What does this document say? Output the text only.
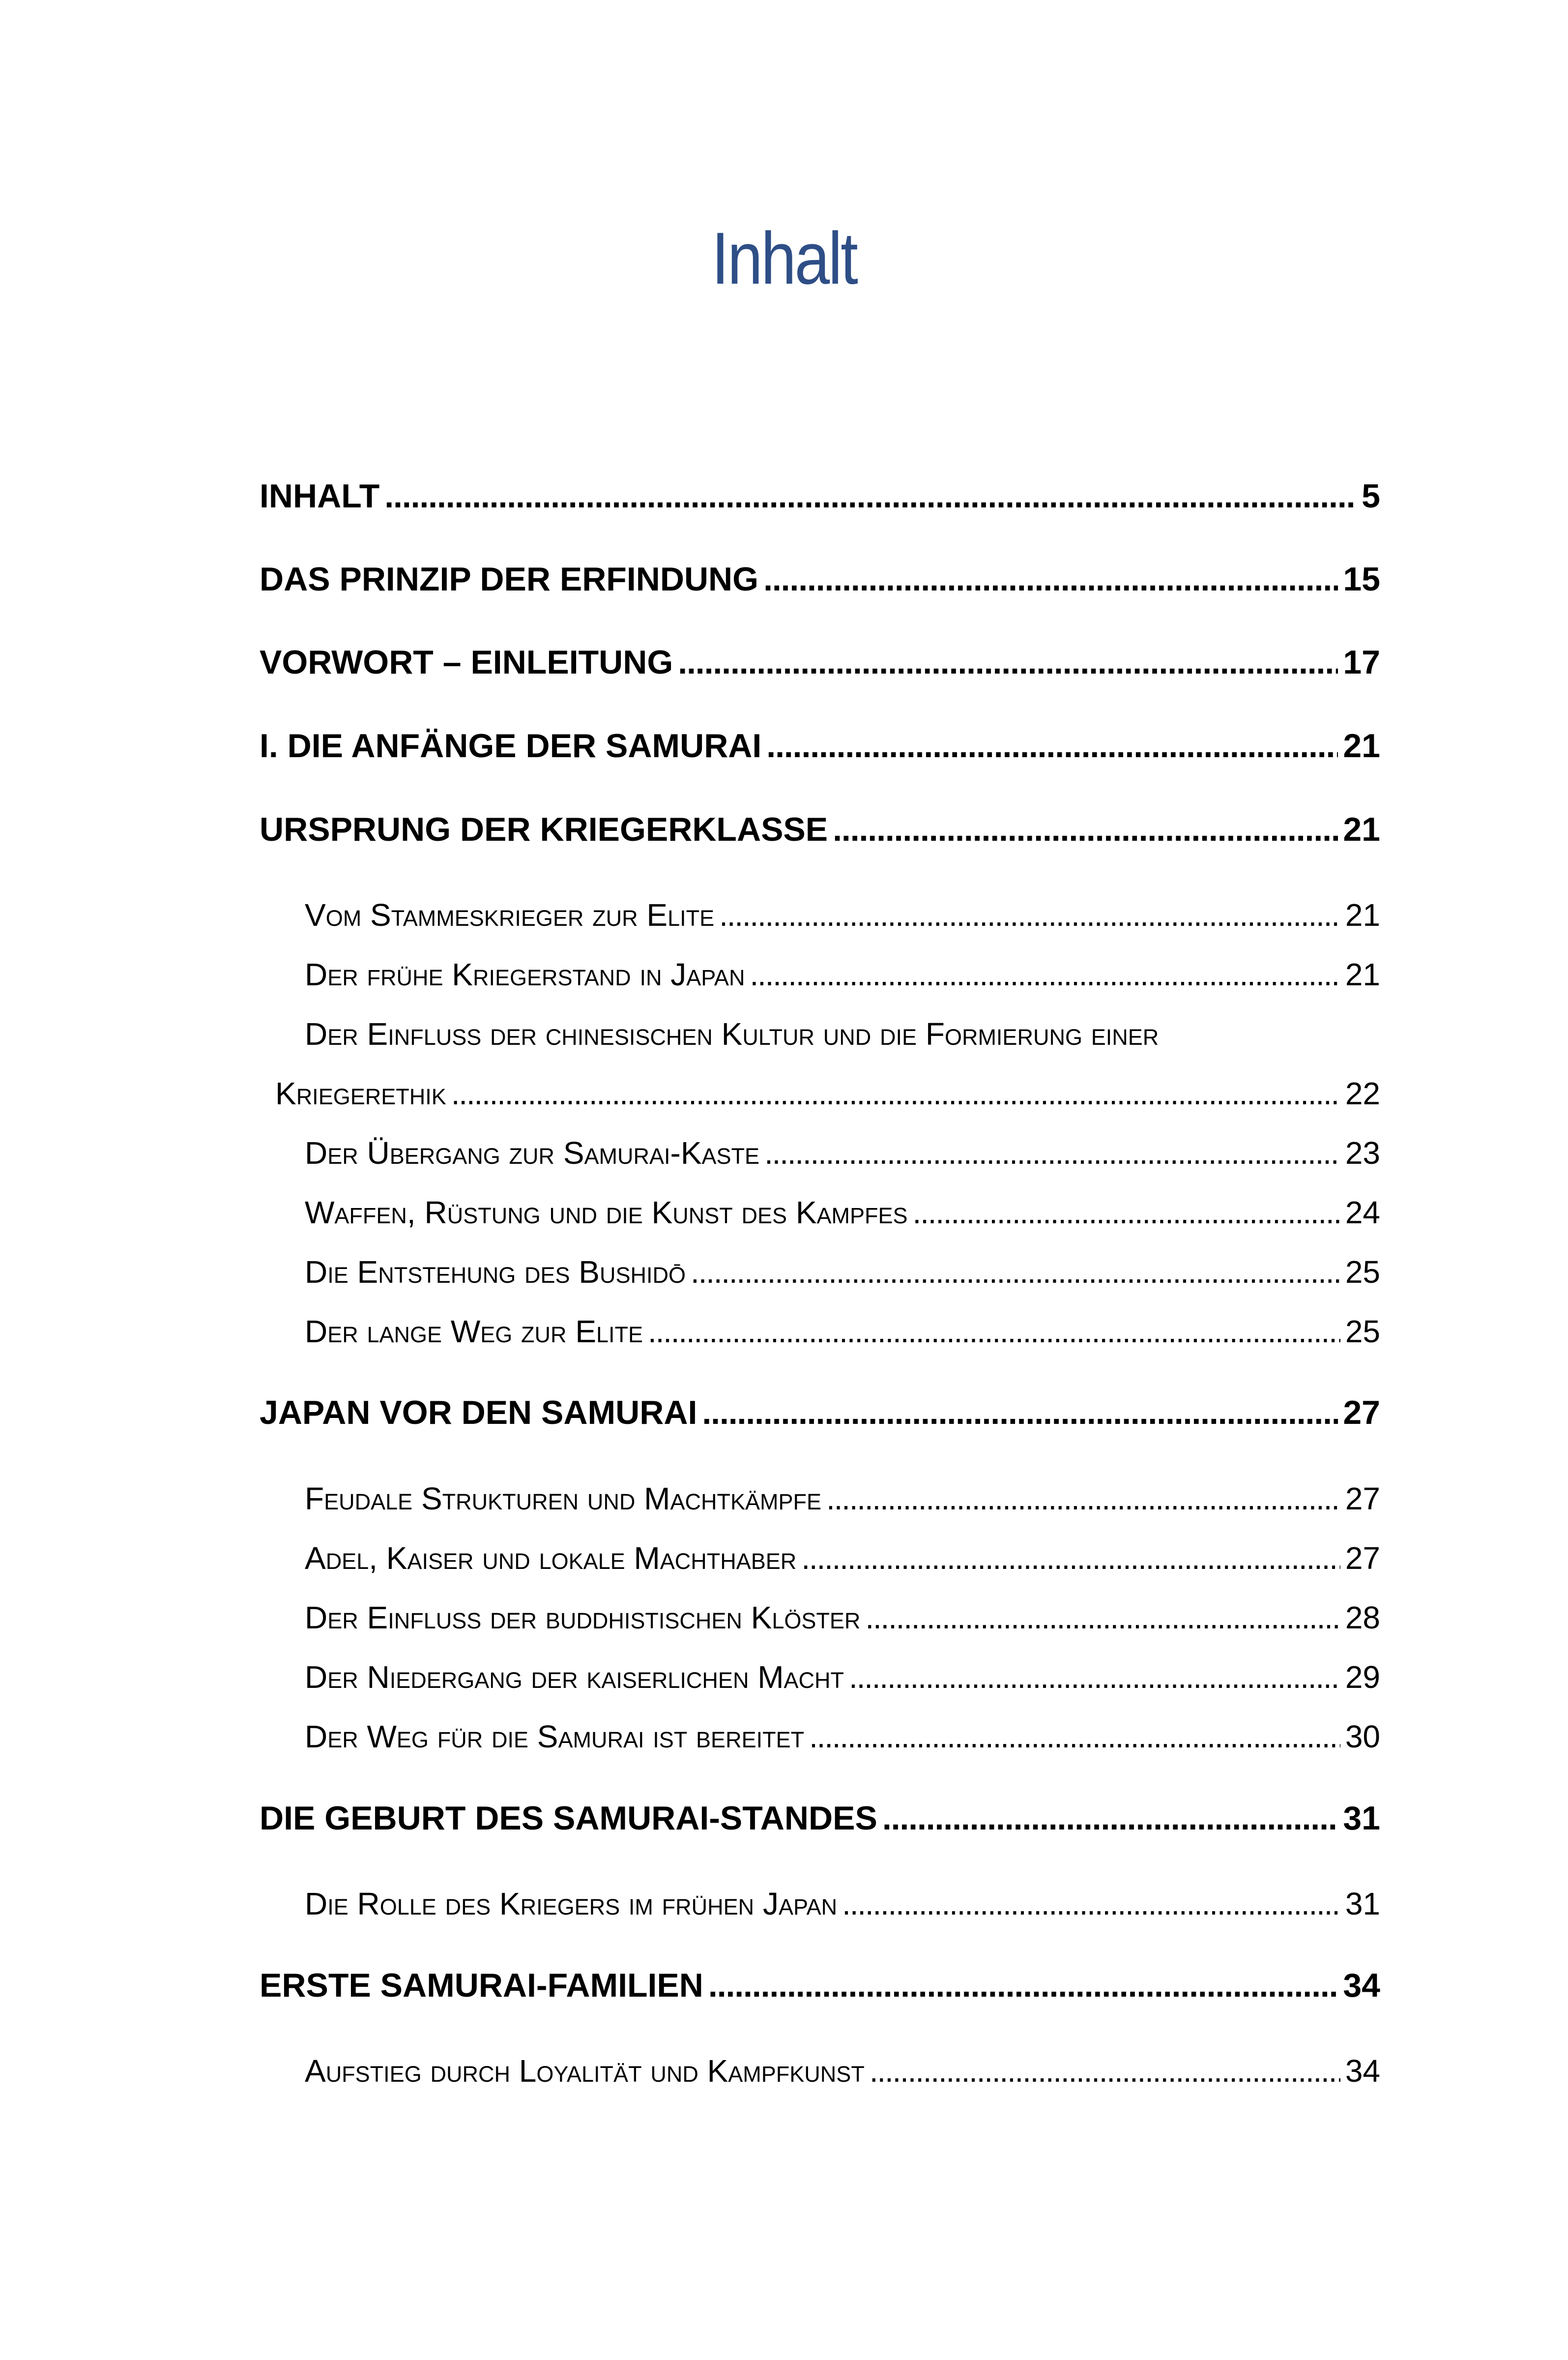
Inhalt
INHALT . . .	5
DAS PRINZIP DER ERFINDUNG . . .	15
VORWORT – EINLEITUNG . . .	17
I. DIE ANFÄNGE DER SAMURAI . . .	21
URSPRUNG DER KRIEGERKLASSE . . .	21
Vom Stammeskrieger zur Elite . . .	21
Der frühe Kriegerstand in Japan . . .	21
Der Einfluss der chinesischen Kultur und die Formierung einer
Kriegerethik . . .	22
Der Übergang zur Samurai-Kaste . . .	23
Waffen, Rüstung und die Kunst des Kampfes . . .	24
Die Entstehung des Bushidō . . .	25
Der lange Weg zur Elite . . .	25
JAPAN VOR DEN SAMURAI . . .	27
Feudale Strukturen und Machtkämpfe . . .	27
Adel, Kaiser und lokale Machthaber . . .	27
Der Einfluss der buddhistischen Klöster . . .	28
Der Niedergang der kaiserlichen Macht . . .	29
Der Weg für die Samurai ist bereitet . . .	30
DIE GEBURT DES SAMURAI-STANDES . . .	31
Die Rolle des Kriegers im frühen Japan . . .	31
ERSTE SAMURAI-FAMILIEN . . .	34
Aufstieg durch Loyalität und Kampfkunst . . .	34
